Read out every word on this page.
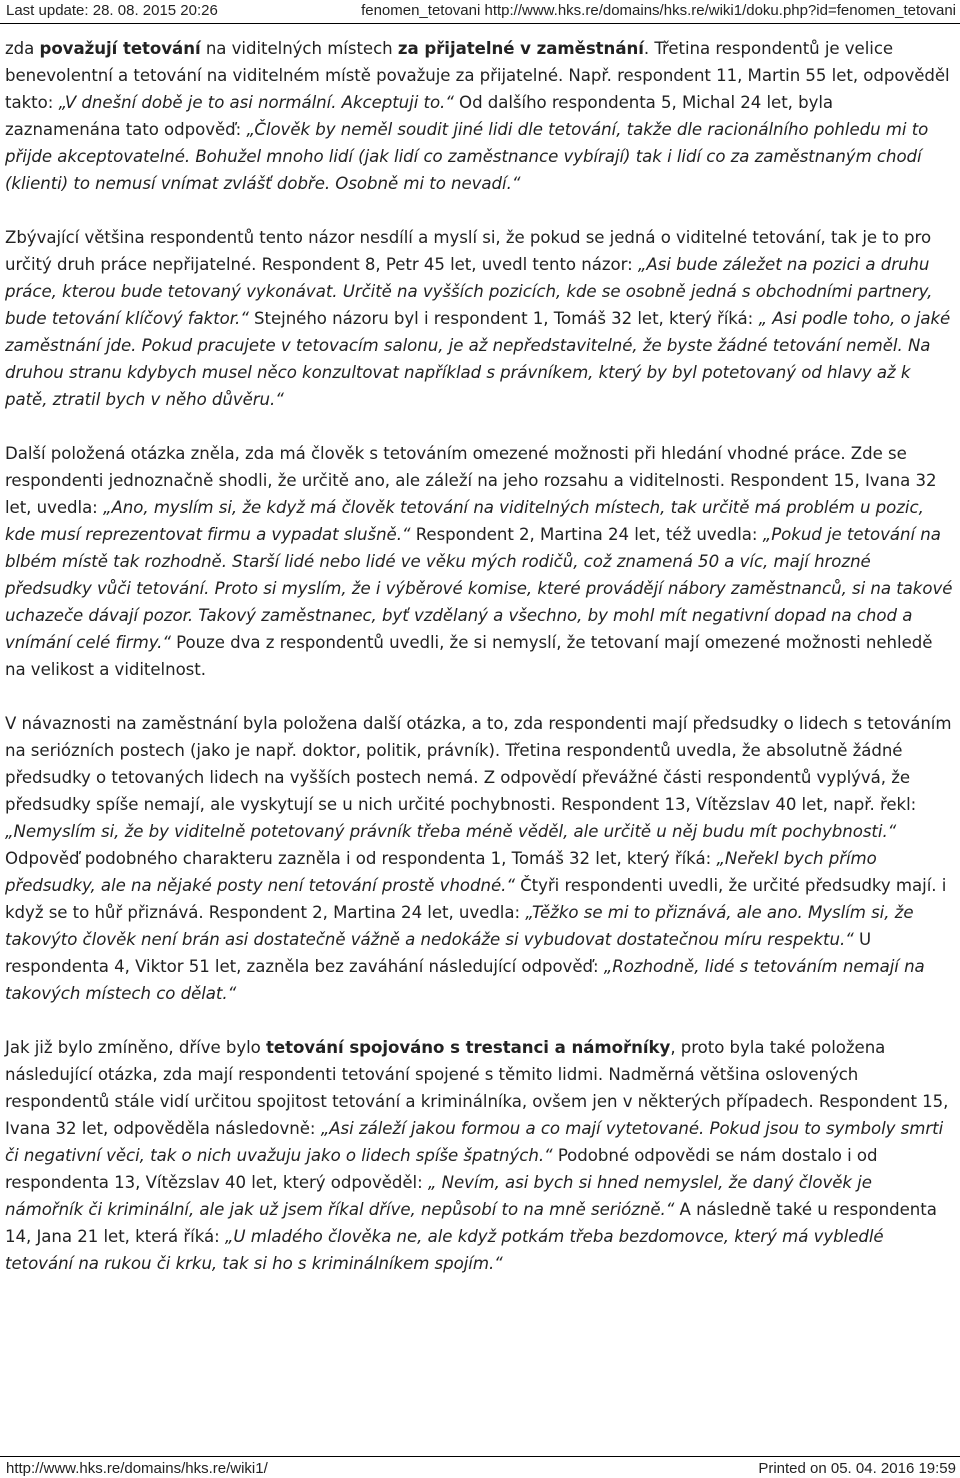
Last update: 28. 08. 2015 20:26	fenomen_tetovani http://www.hks.re/domains/hks.re/wiki1/doku.php?id=fenomen_tetovani

zda považují tetování na viditelných místech za přijatelné v zaměstnání. Třetina respondentů je velice benevolentní a tetování na viditelném místě považuje za přijatelné. Např. respondent 11, Martin 55 let, odpověděl takto: „V dnešní době je to asi normální. Akceptuji to.“ Od dalšího respondenta 5, Michal 24 let, byla zaznamenána tato odpověď: „Člověk by neměl soudit jiné lidi dle tetování, takže dle racionálního pohledu mi to přijde akceptovatelné. Bohužel mnoho lidí (jak lidí co zaměstnance vybírají) tak i lidí co za zaměstnaným chodí (klienti) to nemusí vnímat zvlášť dobře. Osobně mi to nevadí.“

Zbývající většina respondentů tento názor nesdílí a myslí si, že pokud se jedná o viditelné tetování, tak je to pro určitý druh práce nepřijatelné. Respondent 8, Petr 45 let, uvedl tento názor: „Asi bude záležet na pozici a druhu práce, kterou bude tetovaný vykonávat. Určitě na vyšších pozicích, kde se osobně jedná s obchodními partnery, bude tetování klíčový faktor.“ Stejného názoru byl i respondent 1, Tomáš 32 let, který říká: „ Asi podle toho, o jaké zaměstnání jde. Pokud pracujete v tetovacím salonu, je až nepředstavitelné, že byste žádné tetování neměl. Na druhou stranu kdybych musel něco konzultovat například s právníkem, který by byl potetovaný od hlavy až k patě, ztratil bych v něho důvěru.“

Další položená otázka zněla, zda má člověk s tetováním omezené možnosti při hledání vhodné práce. Zde se respondenti jednoznačně shodli, že určitě ano, ale záleží na jeho rozsahu a viditelnosti. Respondent 15, Ivana 32 let, uvedla: „Ano, myslím si, že když má člověk tetování na viditelných místech, tak určitě má problém u pozic, kde musí reprezentovat firmu a vypadat slušně.“ Respondent 2, Martina 24 let, též uvedla: „Pokud je tetování na blbém místě tak rozhodně. Starší lidé nebo lidé ve věku mých rodičů, což znamená 50 a víc, mají hrozné předsudky vůči tetování. Proto si myslím, že i výběrové komise, které provádějí nábory zaměstnanců, si na takové uchazeče dávají pozor. Takový zaměstnanec, byť vzdělaný a všechno, by mohl mít negativní dopad na chod a vnímání celé firmy.“ Pouze dva z respondentů uvedli, že si nemyslí, že tetovaní mají omezené možnosti nehledě na velikost a viditelnost.

V návaznosti na zaměstnání byla položena další otázka, a to, zda respondenti mají předsudky o lidech s tetováním na seriózních postech (jako je např. doktor, politik, právník). Třetina respondentů uvedla, že absolutně žádné předsudky o tetovaných lidech na vyšších postech nemá. Z odpovědí převážné části respondentů vyplývá, že předsudky spíše nemají, ale vyskytují se u nich určité pochybnosti. Respondent 13, Vítězslav 40 let, např. řekl: „Nemyslím si, že by viditelně potetovaný právník třeba méně věděl, ale určitě u něj budu mít pochybnosti.“ Odpověď podobného charakteru zazněla i od respondenta 1, Tomáš 32 let, který říká: „Neřekl bych přímo předsudky, ale na nějaké posty není tetování prostě vhodné.“ Čtyři respondenti uvedli, že určité předsudky mají. i když se to hůř přiznává. Respondent 2, Martina 24 let, uvedla: „Těžko se mi to přiznává, ale ano. Myslím si, že takovýto člověk není brán asi dostatečně vážně a nedokáže si vybudovat dostatečnou míru respektu.“ U respondenta 4, Viktor 51 let, zazněla bez zaváhání následující odpověď: „Rozhodně, lidé s tetováním nemají na takových místech co dělat.“

Jak již bylo zmíněno, dříve bylo tetování spojováno s trestanci a námořníky, proto byla také položena následující otázka, zda mají respondenti tetování spojené s těmito lidmi. Nadměrná většina oslovených respondentů stále vidí určitou spojitost tetování a kriminálníka, ovšem jen v některých případech. Respondent 15, Ivana 32 let, odpověděla následovně: „Asi záleží jakou formou a co mají vytetované. Pokud jsou to symboly smrti či negativní věci, tak o nich uvažuju jako o lidech spíše špatných.“ Podobné odpovědi se nám dostalo i od respondenta 13, Vítězslav 40 let, který odpověděl: „ Nevím, asi bych si hned nemyslel, že daný člověk je námořník či kriminální, ale jak už jsem říkal dříve, nepůsobí to na mně seriózně.“ A následně také u respondenta 14, Jana 21 let, která říká: „U mladého člověka ne, ale když potkám třeba bezdomovce, který má vybledlé tetování na rukou či krku, tak si ho s kriminálníkem spojím.“

http://www.hks.re/domains/hks.re/wiki1/	Printed on 05. 04. 2016 19:59
